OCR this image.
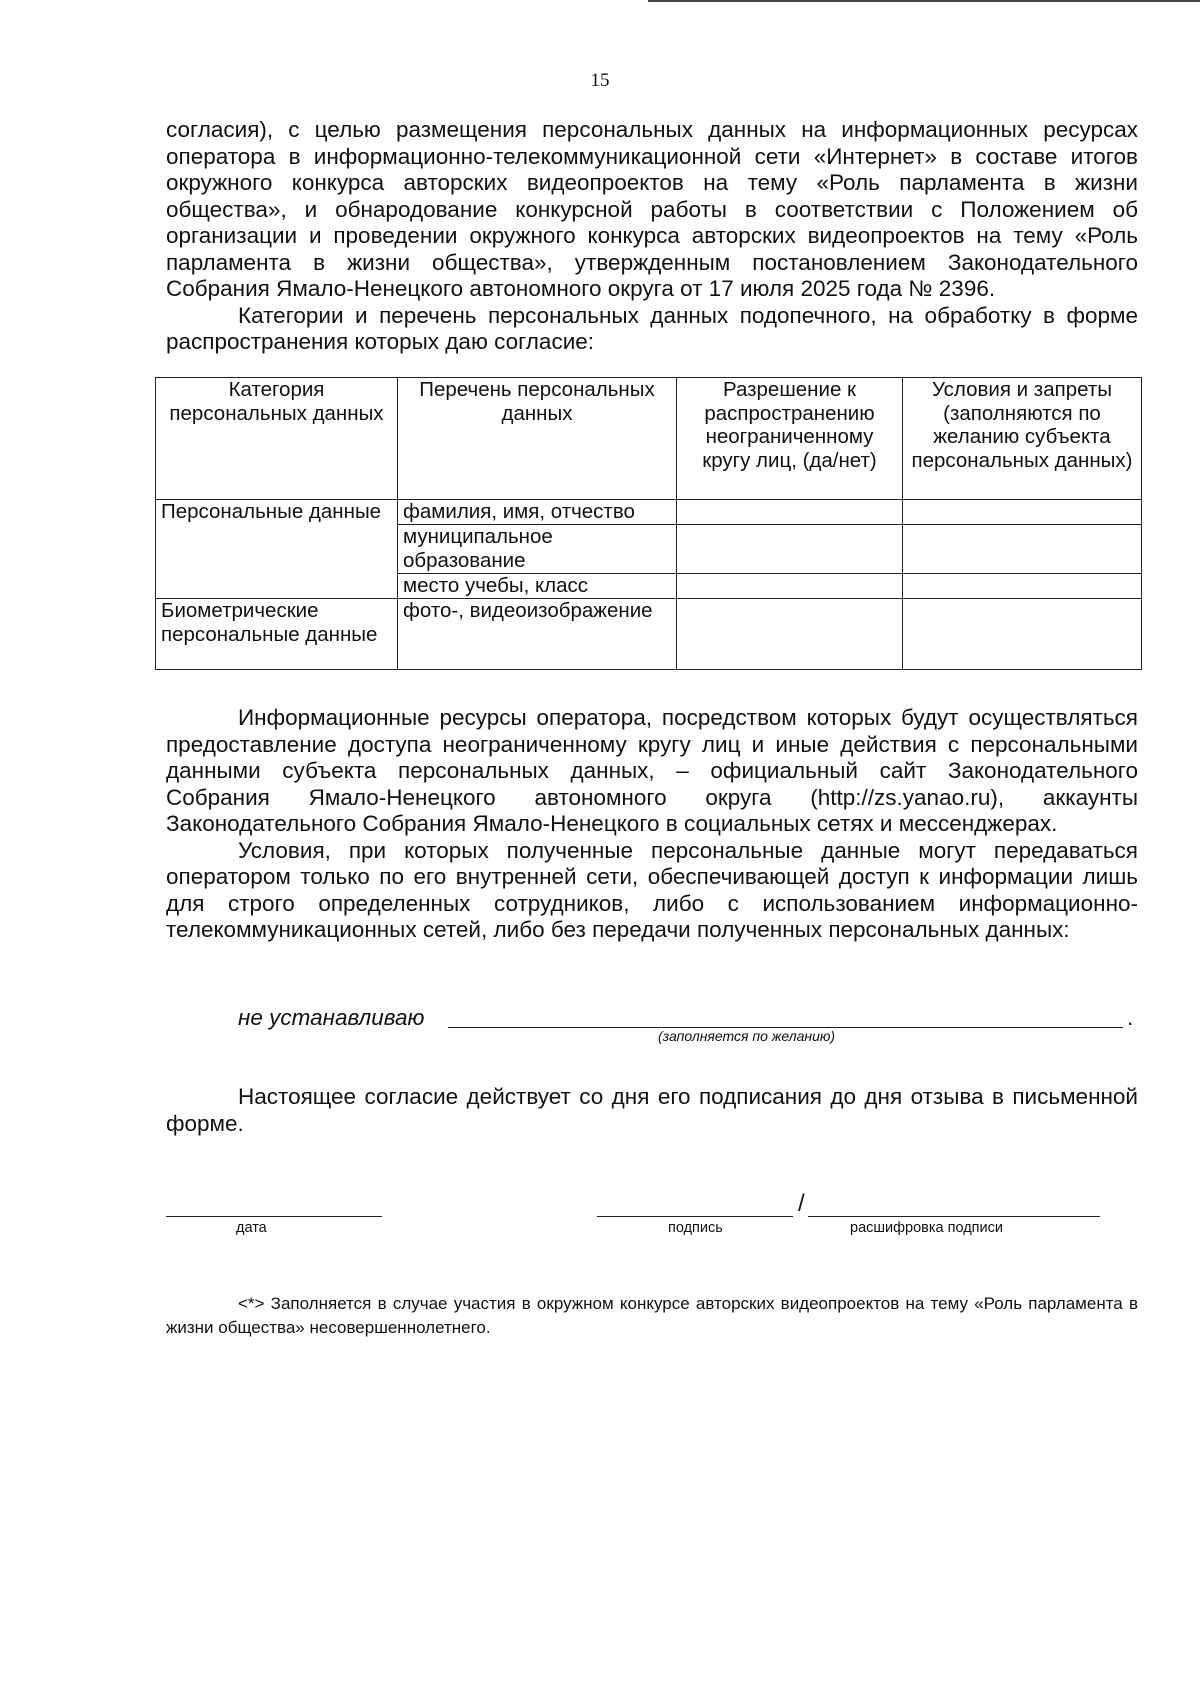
15

согласия), с целью размещения персональных данных на информационных ресурсах оператора в информационно-телекоммуникационной сети «Интернет» в составе итогов окружного конкурса авторских видеопроектов на тему «Роль парламента в жизни общества», и обнародование конкурсной работы в соответствии с Положением об организации и проведении окружного конкурса авторских видеопроектов на тему «Роль парламента в жизни общества», утвержденным постановлением Законодательного Собрания Ямало-Ненецкого автономного округа от 17 июля 2025 года № 2396.

Категории и перечень персональных данных подопечного, на обработку в форме распространения которых даю согласие:

Категория персональных данных	Перечень персональных данных	Разрешение к распространению неограниченному кругу лиц, (да/нет)	Условия и запреты (заполняются по желанию субъекта персональных данных)
Персональные данные	фамилия, имя, отчество		
	муниципальное образование		
	место учебы, класс		
Биометрические персональные данные	фото-, видеоизображение		

Информационные ресурсы оператора, посредством которых будут осуществляться предоставление доступа неограниченному кругу лиц и иные действия с персональными данными субъекта персональных данных, – официальный сайт Законодательного Собрания Ямало-Ненецкого автономного округа (http://zs.yanao.ru), аккаунты Законодательного Собрания Ямало-Ненецкого в социальных сетях и мессенджерах.

Условия, при которых полученные персональные данные могут передаваться оператором только по его внутренней сети, обеспечивающей доступ к информации лишь для строго определенных сотрудников, либо с использованием информационно-телекоммуникационных сетей, либо без передачи полученных персональных данных:

не устанавливаю	.
(заполняется по желанию)

Настоящее согласие действует со дня его подписания до дня отзыва в письменной форме.

дата
/
подпись	расшифровка подписи

<*> Заполняется в случае участия в окружном конкурсе авторских видеопроектов на тему «Роль парламента в жизни общества» несовершеннолетнего.
